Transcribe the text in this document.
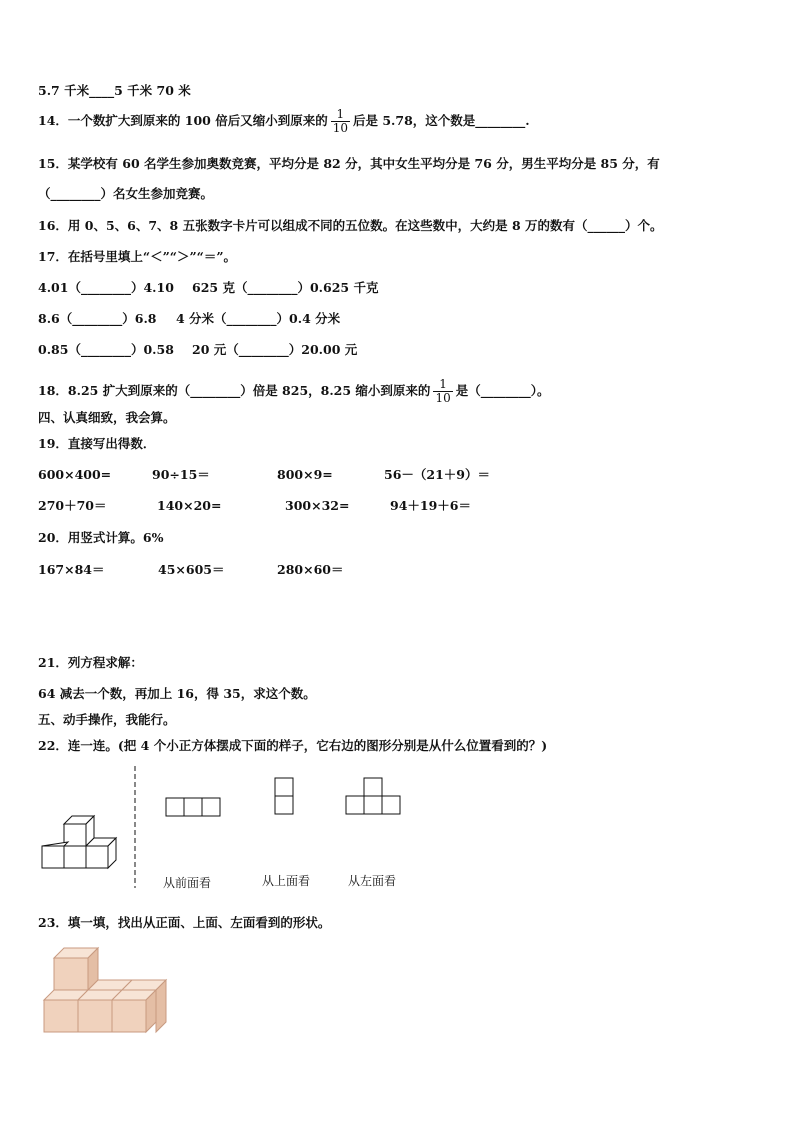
5.7 千米____5 千米 70 米
14．一个数扩大到原来的 100 倍后又缩小到原来的 $\frac{1}{10}$ 后是 5.78，这个数是________.
15．某学校有 60 名学生参加奥数竞赛，平均分是 82 分，其中女生平均分是 76 分，男生平均分是 85 分，有
（________）名女生参加竞赛。
16．用 0、5、6、7、8 五张数字卡片可以组成不同的五位数。在这些数中，大约是 8 万的数有（______）个。
17．在括号里填上“＜”“＞”“＝”。
4.01（________）4.10 625 克（________）0.625 千克
8.6（________）6.8 4 分米（________）0.4 分米
0.85（________）0.58 20 元（________）20.00 元
18．8.25 扩大到原来的（________）倍是 825，8.25 缩小到原来的 $\frac{1}{10}$ 是（________）。
四、认真细致，我会算。
19．直接写出得数．
600×400=	90÷15＝	800×9=	56－（21＋9）＝
270＋70＝	140×20=	300×32=	94＋19＋6＝
20．用竖式计算。6%
167×84＝	45×605＝	280×60＝
21．列方程求解：
64 减去一个数，再加上 16，得 35，求这个数。
五、动手操作，我能行。
22．连一连。(把 4 个小正方体摆成下面的样子，它右边的图形分别是从什么位置看到的？)
从前面看	从上面看	从左面看
23．填一填，找出从正面、上面、左面看到的形状。
